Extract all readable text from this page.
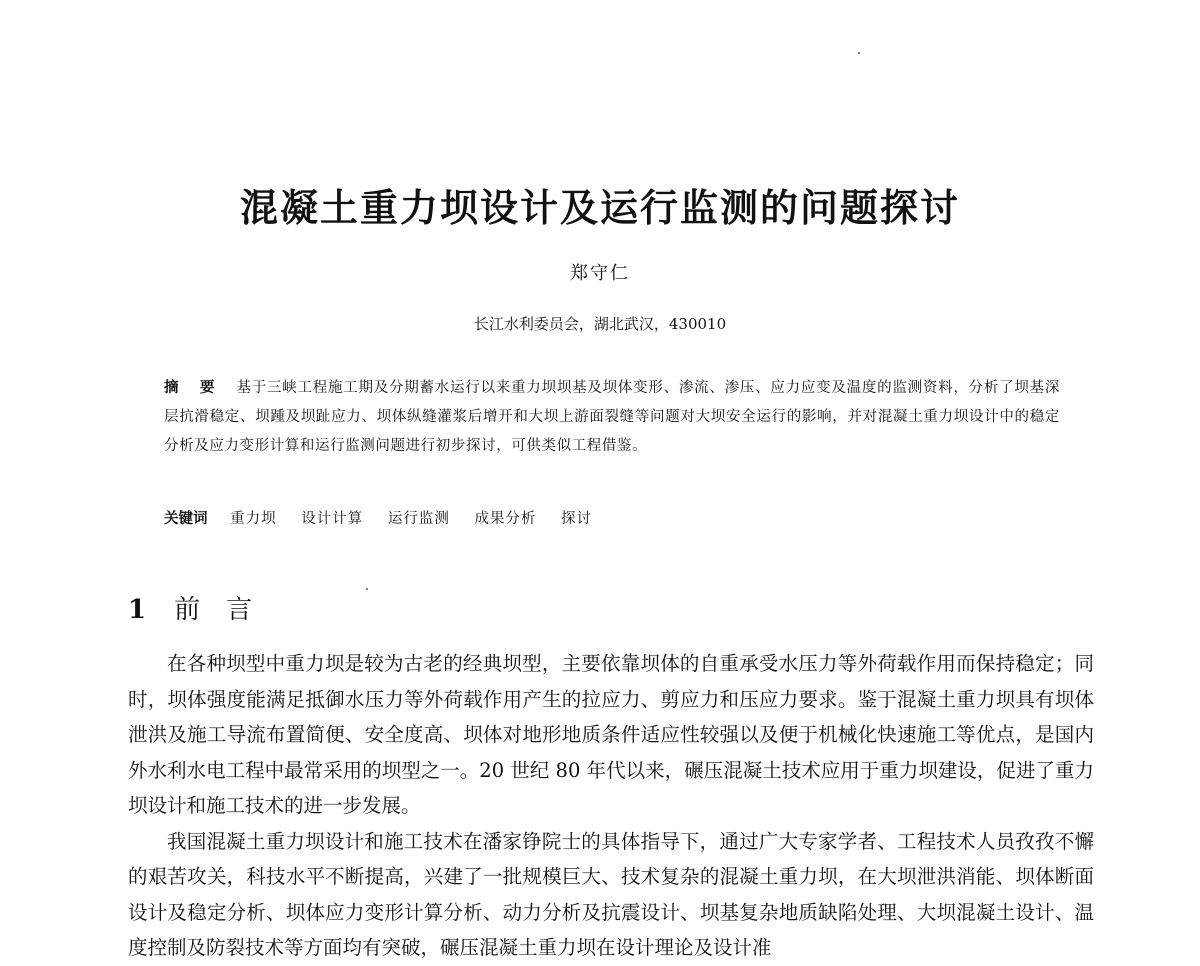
混凝土重力坝设计及运行监测的问题探讨
郑守仁
长江水利委员会，湖北武汉，430010
摘 要 基于三峡工程施工期及分期蓄水运行以来重力坝坝基及坝体变形、渗流、渗压、应力应变及温度的监测资料，分析了坝基深层抗滑稳定、坝踵及坝趾应力、坝体纵缝灌浆后增开和大坝上游面裂缝等问题对大坝安全运行的影响，并对混凝土重力坝设计中的稳定分析及应力变形计算和运行监测问题进行初步探讨，可供类似工程借鉴。
关键词 重力坝 设计计算 运行监测 成果分析 探讨
1 前言

在各种坝型中重力坝是较为古老的经典坝型，主要依靠坝体的自重承受水压力等外荷载作用而保持稳定；同时，坝体强度能满足抵御水压力等外荷载作用产生的拉应力、剪应力和压应力要求。鉴于混凝土重力坝具有坝体泄洪及施工导流布置简便、安全度高、坝体对地形地质条件适应性较强以及便于机械化快速施工等优点，是国内外水利水电工程中最常采用的坝型之一。20 世纪 80 年代以来，碾压混凝土技术应用于重力坝建设，促进了重力坝设计和施工技术的进一步发展。

我国混凝土重力坝设计和施工技术在潘家铮院士的具体指导下，通过广大专家学者、工程技术人员孜孜不懈的艰苦攻关，科技水平不断提高，兴建了一批规模巨大、技术复杂的混凝土重力坝，在大坝泄洪消能、坝体断面设计及稳定分析、坝体应力变形计算分析、动力分析及抗震设计、坝基复杂地质缺陷处理、大坝混凝土设计、温度控制及防裂技术等方面均有突破，碾压混凝土重力坝在设计理论及设计准
